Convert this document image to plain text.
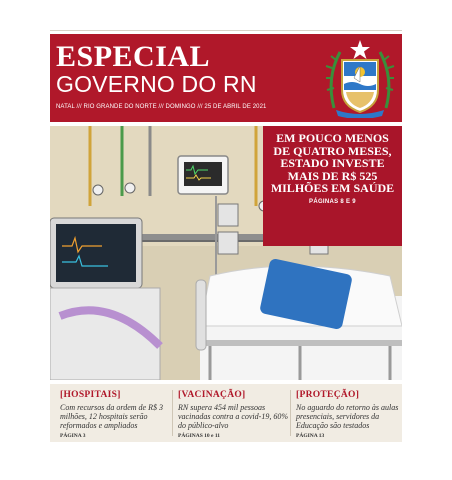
ESPECIAL
GOVERNO DO RN
NATAL /// RIO GRANDE DO NORTE /// DOMINGO /// 25 DE ABRIL DE 2021
EM POUCO MENOS DE QUATRO MESES, ESTADO INVESTE MAIS DE R$ 525 MILHÕES EM SAÚDE
PÁGINAS 8 E 9
[HOSPITAIS]
Com recursos da ordem de R$ 3 milhões, 12 hospitais serão reformados e ampliados
PÁGINA 3
[VACINAÇÃO]
RN supera 454 mil pessoas vacinadas contra a covid-19, 60% do público-alvo
PÁGINAS 10 e 11
[PROTEÇÃO]
No aguardo do retorno às aulas presenciais, servidores da Educação são testados
PÁGINA 13
